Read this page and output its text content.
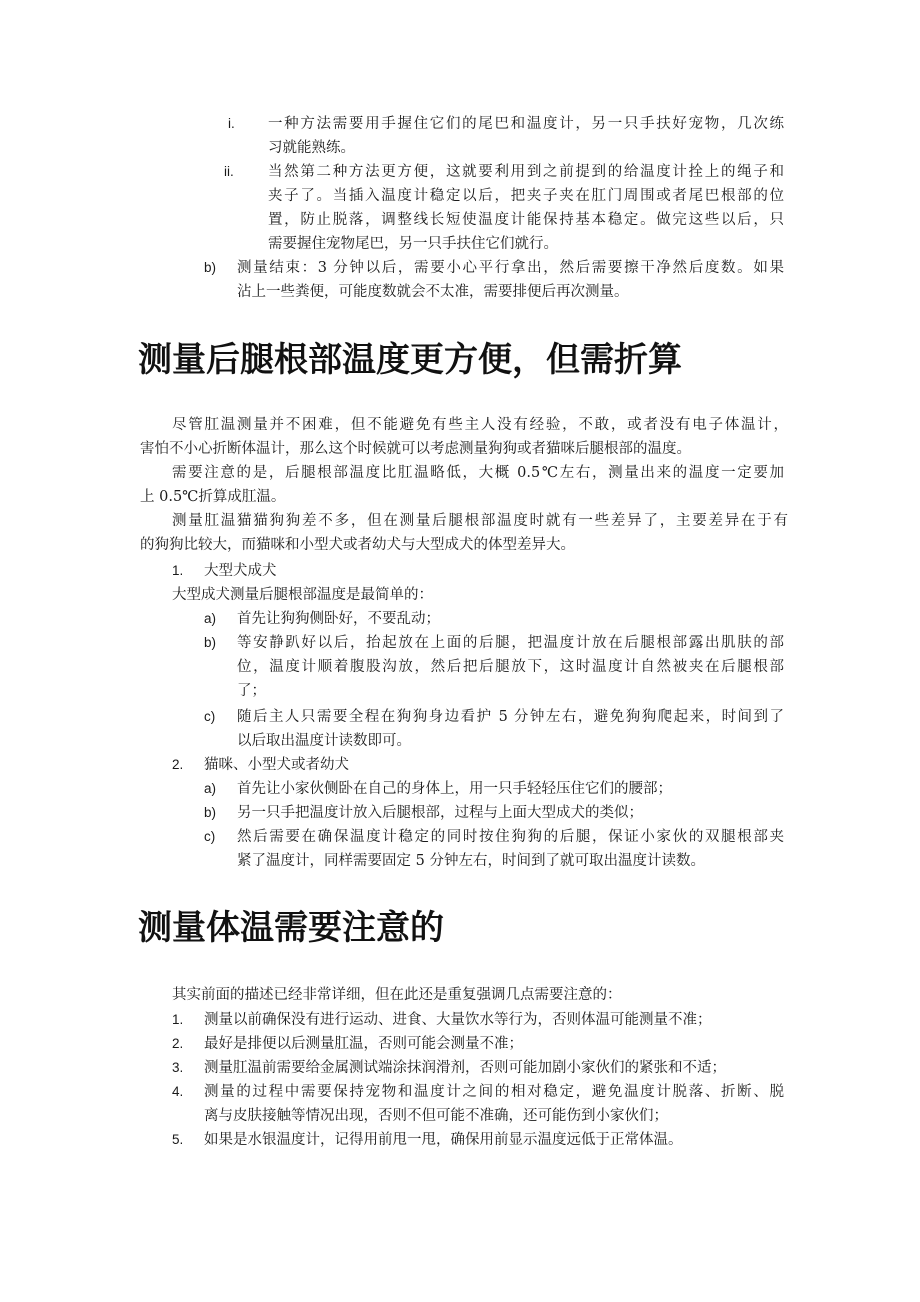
i. 一种方法需要用手握住它们的尾巴和温度计，另一只手扶好宠物，几次练
习就能熟练。
ii. 当然第二种方法更方便，这就要利用到之前提到的给温度计拴上的绳子和
夹子了。当插入温度计稳定以后，把夹子夹在肛门周围或者尾巴根部的位
置，防止脱落，调整线长短使温度计能保持基本稳定。做完这些以后，只
需要握住宠物尾巴，另一只手扶住它们就行。
b) 测量结束：3 分钟以后，需要小心平行拿出，然后需要擦干净然后度数。如果
沾上一些粪便，可能度数就会不太准，需要排便后再次测量。
测量后腿根部温度更方便，但需折算
尽管肛温测量并不困难，但不能避免有些主人没有经验，不敢，或者没有电子体温计，
害怕不小心折断体温计，那么这个时候就可以考虑测量狗狗或者猫咪后腿根部的温度。
需要注意的是，后腿根部温度比肛温略低，大概 0.5℃左右，测量出来的温度一定要加
上 0.5℃折算成肛温。
测量肛温猫猫狗狗差不多，但在测量后腿根部温度时就有一些差异了，主要差异在于有
的狗狗比较大，而猫咪和小型犬或者幼犬与大型成犬的体型差异大。
1. 大型犬成犬
大型成犬测量后腿根部温度是最简单的：
a) 首先让狗狗侧卧好，不要乱动；
b) 等安静趴好以后，抬起放在上面的后腿，把温度计放在后腿根部露出肌肤的部
位，温度计顺着腹股沟放，然后把后腿放下，这时温度计自然被夹在后腿根部
了；
c) 随后主人只需要全程在狗狗身边看护 5 分钟左右，避免狗狗爬起来，时间到了
以后取出温度计读数即可。
2. 猫咪、小型犬或者幼犬
a) 首先让小家伙侧卧在自己的身体上，用一只手轻轻压住它们的腰部；
b) 另一只手把温度计放入后腿根部，过程与上面大型成犬的类似；
c) 然后需要在确保温度计稳定的同时按住狗狗的后腿，保证小家伙的双腿根部夹
紧了温度计，同样需要固定 5 分钟左右，时间到了就可取出温度计读数。
测量体温需要注意的
其实前面的描述已经非常详细，但在此还是重复强调几点需要注意的：
1. 测量以前确保没有进行运动、进食、大量饮水等行为，否则体温可能测量不准；
2. 最好是排便以后测量肛温，否则可能会测量不准；
3. 测量肛温前需要给金属测试端涂抹润滑剂，否则可能加剧小家伙们的紧张和不适；
4. 测量的过程中需要保持宠物和温度计之间的相对稳定，避免温度计脱落、折断、脱
离与皮肤接触等情况出现，否则不但可能不准确，还可能伤到小家伙们；
5. 如果是水银温度计，记得用前甩一甩，确保用前显示温度远低于正常体温。
